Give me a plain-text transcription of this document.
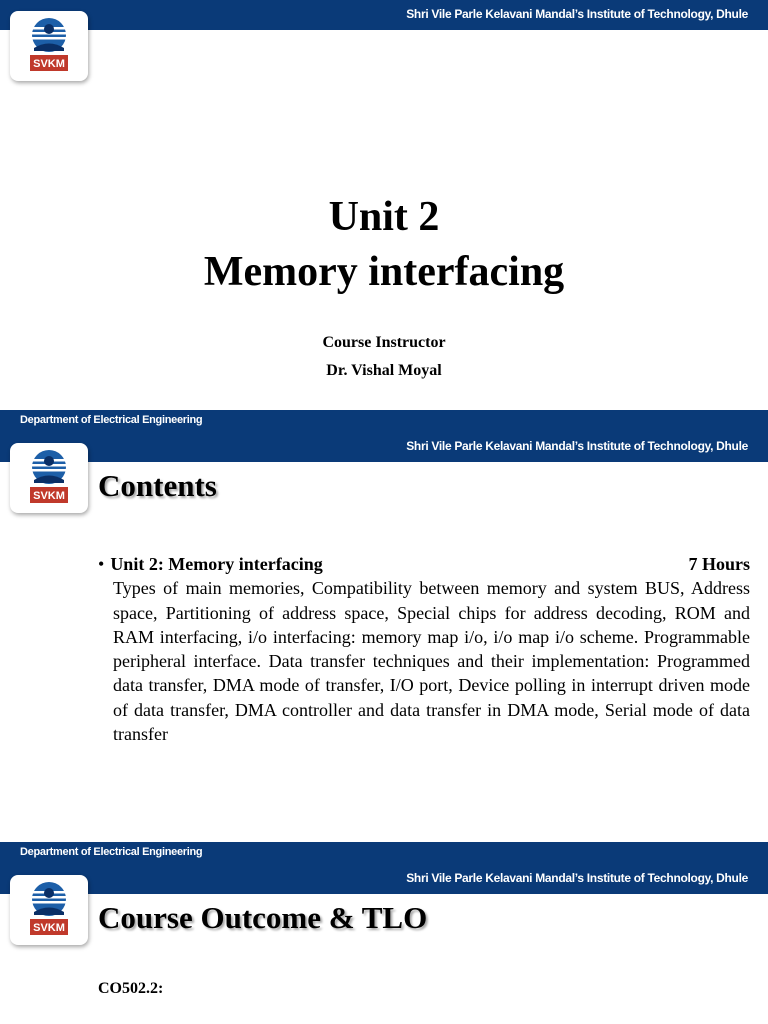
Shri Vile Parle Kelavani Mandal’s Institute of Technology, Dhule
SVKM
Unit 2
Memory interfacing
Course Instructor
Dr. Vishal Moyal
Department of Electrical Engineering
Shri Vile Parle Kelavani Mandal’s Institute of Technology, Dhule
SVKM Contents
• Unit 2: Memory interfacing	7 Hours
Types of main memories, Compatibility between memory and system BUS, Address space, Partitioning of address space, Special chips for address decoding, ROM and RAM interfacing, i/o interfacing: memory map i/o, i/o map i/o scheme. Programmable peripheral interface. Data transfer techniques and their implementation: Programmed data transfer, DMA mode of transfer, I/O port, Device polling in interrupt driven mode of data transfer, DMA controller and data transfer in DMA mode, Serial mode of data transfer
Department of Electrical Engineering
Shri Vile Parle Kelavani Mandal’s Institute of Technology, Dhule
SVKM Course Outcome & TLO
CO502.2:
